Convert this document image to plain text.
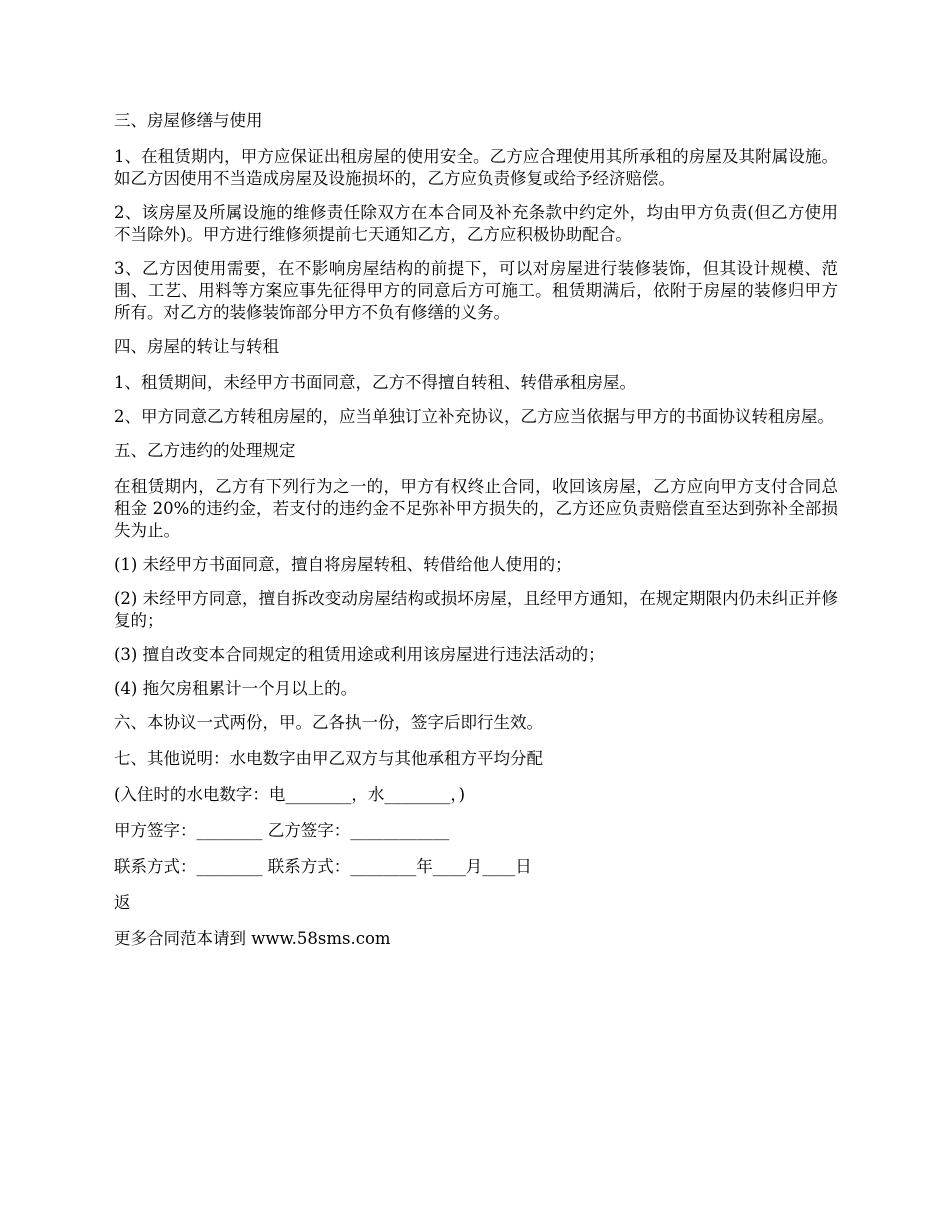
三、房屋修缮与使用

1、在租赁期内，甲方应保证出租房屋的使用安全。乙方应合理使用其所承租的房屋及其附属设施。如乙方因使用不当造成房屋及设施损坏的，乙方应负责修复或给予经济赔偿。

2、该房屋及所属设施的维修责任除双方在本合同及补充条款中约定外，均由甲方负责(但乙方使用不当除外)。甲方进行维修须提前七天通知乙方，乙方应积极协助配合。

3、乙方因使用需要，在不影响房屋结构的前提下，可以对房屋进行装修装饰，但其设计规模、范围、工艺、用料等方案应事先征得甲方的同意后方可施工。租赁期满后，依附于房屋的装修归甲方所有。对乙方的装修装饰部分甲方不负有修缮的义务。

四、房屋的转让与转租

1、租赁期间，未经甲方书面同意，乙方不得擅自转租、转借承租房屋。

2、甲方同意乙方转租房屋的，应当单独订立补充协议，乙方应当依据与甲方的书面协议转租房屋。

五、乙方违约的处理规定

在租赁期内，乙方有下列行为之一的，甲方有权终止合同，收回该房屋，乙方应向甲方支付合同总租金 20%的违约金，若支付的违约金不足弥补甲方损失的，乙方还应负责赔偿直至达到弥补全部损失为止。

(1) 未经甲方书面同意，擅自将房屋转租、转借给他人使用的；

(2) 未经甲方同意，擅自拆改变动房屋结构或损坏房屋，且经甲方通知，在规定期限内仍未纠正并修复的；

(3) 擅自改变本合同规定的租赁用途或利用该房屋进行违法活动的；

(4) 拖欠房租累计一个月以上的。

六、本协议一式两份，甲。乙各执一份，签字后即行生效。

七、其他说明：水电数字由甲乙双方与其他承租方平均分配

(入住时的水电数字：电________，水________，)

甲方签字：________ 乙方签字：____________

联系方式：________ 联系方式：________年____月____日

返

更多合同范本请到 www.58sms.com
